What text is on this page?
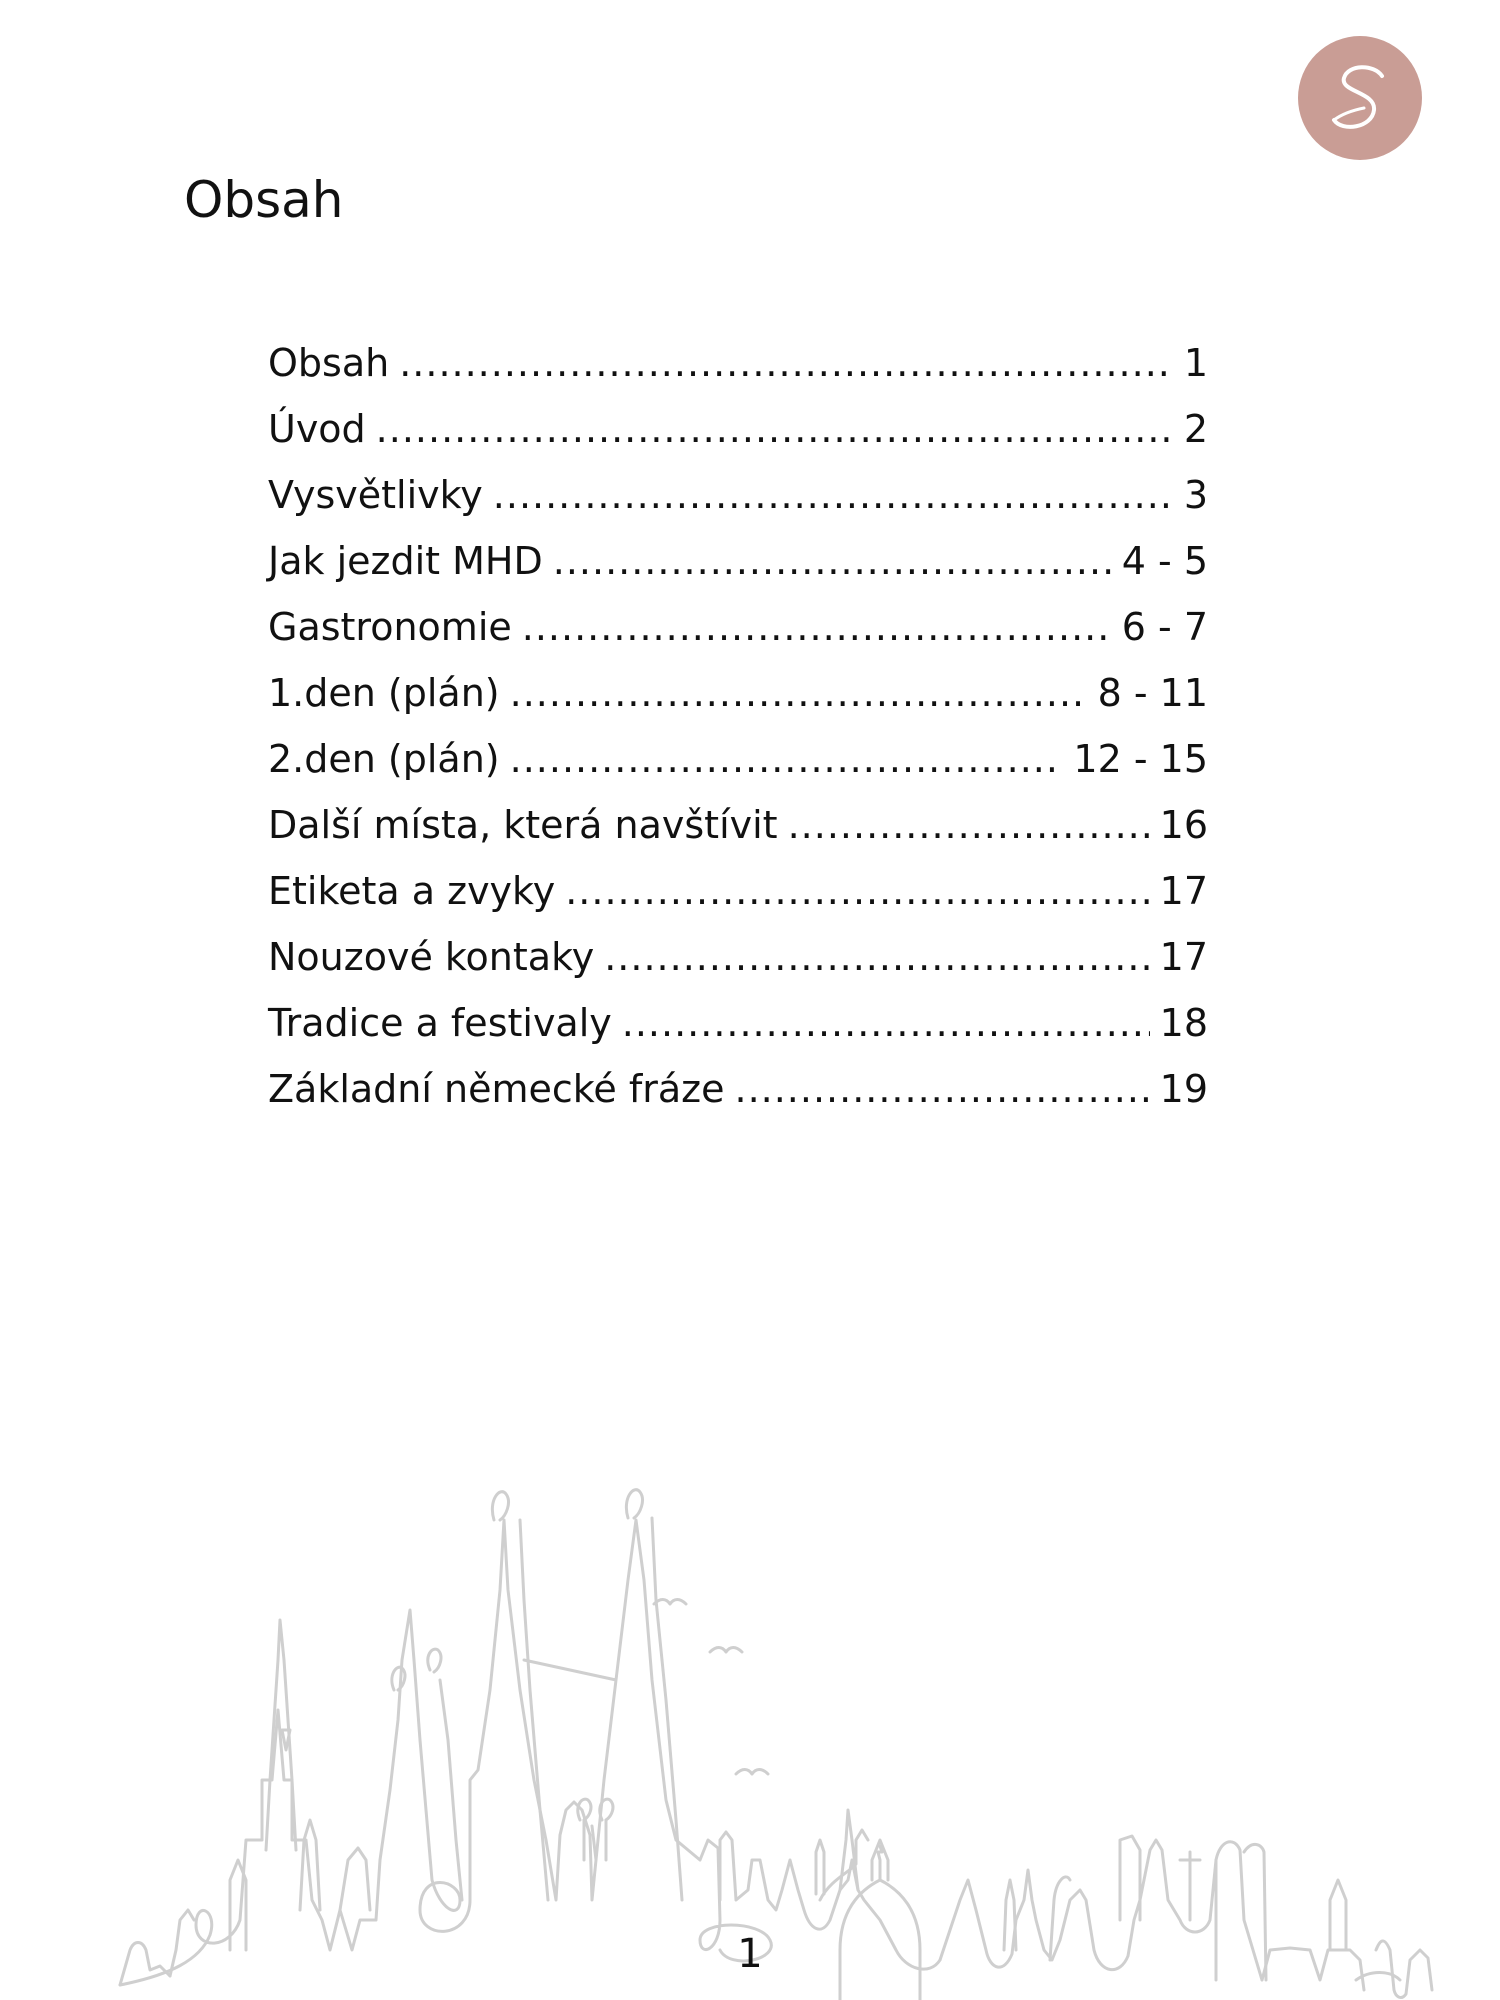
Obsah
Obsah .....	1
Úvod .....	2
Vysvětlivky .....	3
Jak jezdit MHD .....	4 - 5
Gastronomie .....	6 - 7
1.den (plán) .....	8 - 11
2.den (plán) .....	12 - 15
Další místa, která navštívit .....	16
Etiketa a zvyky .....	17
Nouzové kontaky .....	17
Tradice a festivaly .....	18
Základní německé fráze .....	19
1
